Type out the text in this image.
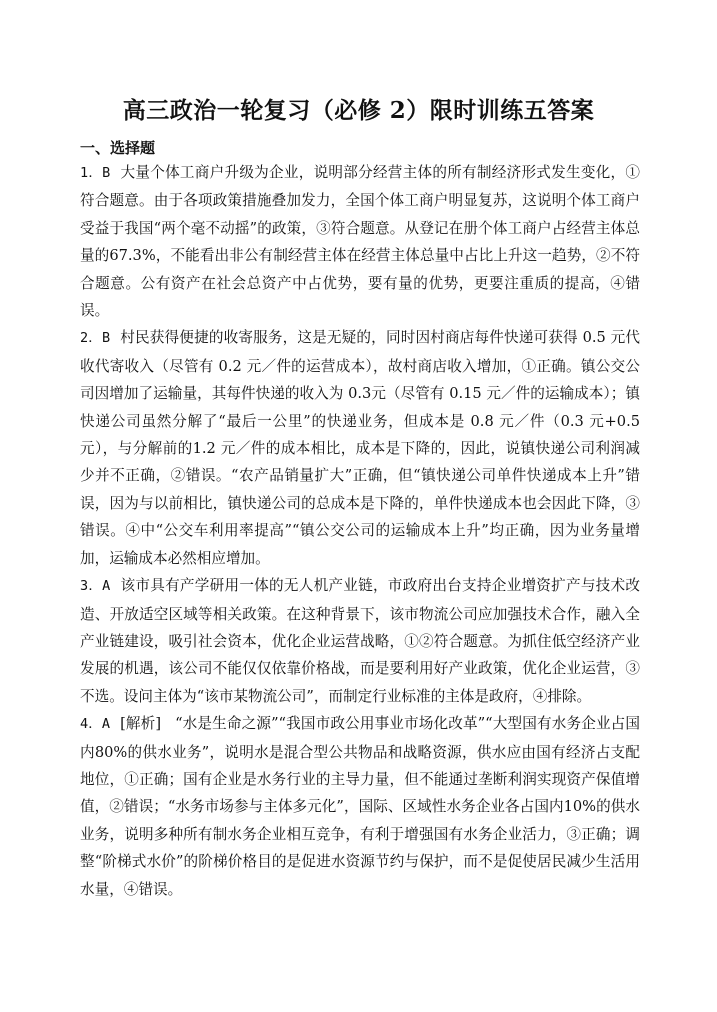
高三政治一轮复习（必修 2）限时训练五答案
一、选择题

1．B 大量个体工商户升级为企业，说明部分经营主体的所有制经济形式发生变化，①符合题意。由于各项政策措施叠加发力，全国个体工商户明显复苏，这说明个体工商户受益于我国“两个毫不动摇”的政策，③符合题意。从登记在册个体工商户占经营主体总量的67.3%，不能看出非公有制经营主体在经营主体总量中占比上升这一趋势，②不符合题意。公有资产在社会总资产中占优势，要有量的优势，更要注重质的提高，④错误。

2．B 村民获得便捷的收寄服务，这是无疑的，同时因村商店每件快递可获得 0.5 元代收代寄收入（尽管有 0.2 元／件的运营成本），故村商店收入增加，①正确。镇公交公司因增加了运输量，其每件快递的收入为 0.3元（尽管有 0.15 元／件的运输成本）；镇快递公司虽然分解了“最后一公里”的快递业务，但成本是 0.8 元／件（0.3 元+0.5 元），与分解前的1.2 元／件的成本相比，成本是下降的，因此，说镇快递公司利润减少并不正确，②错误。“农产品销量扩大”正确，但“镇快递公司单件快递成本上升”错误，因为与以前相比，镇快递公司的总成本是下降的，单件快递成本也会因此下降，③错误。④中“公交车利用率提高”“镇公交公司的运输成本上升”均正确，因为业务量增加，运输成本必然相应增加。

3．A 该市具有产学研用一体的无人机产业链，市政府出台支持企业增资扩产与技术改造、开放适空区域等相关政策。在这种背景下，该市物流公司应加强技术合作，融入全产业链建设，吸引社会资本，优化企业运营战略，①②符合题意。为抓住低空经济产业发展的机遇，该公司不能仅仅依靠价格战，而是要利用好产业政策，优化企业运营，③不选。设问主体为“该市某物流公司”，而制定行业标准的主体是政府，④排除。

4．A [解析] “水是生命之源”“我国市政公用事业市场化改革”“大型国有水务企业占国内80%的供水业务”，说明水是混合型公共物品和战略资源，供水应由国有经济占支配地位，①正确；国有企业是水务行业的主导力量，但不能通过垄断利润实现资产保值增值，②错误；“水务市场参与主体多元化”，国际、区域性水务企业各占国内10%的供水业务，说明多种所有制水务企业相互竞争，有利于增强国有水务企业活力，③正确；调整“阶梯式水价”的阶梯价格目的是促进水资源节约与保护，而不是促使居民减少生活用水量，④错误。
